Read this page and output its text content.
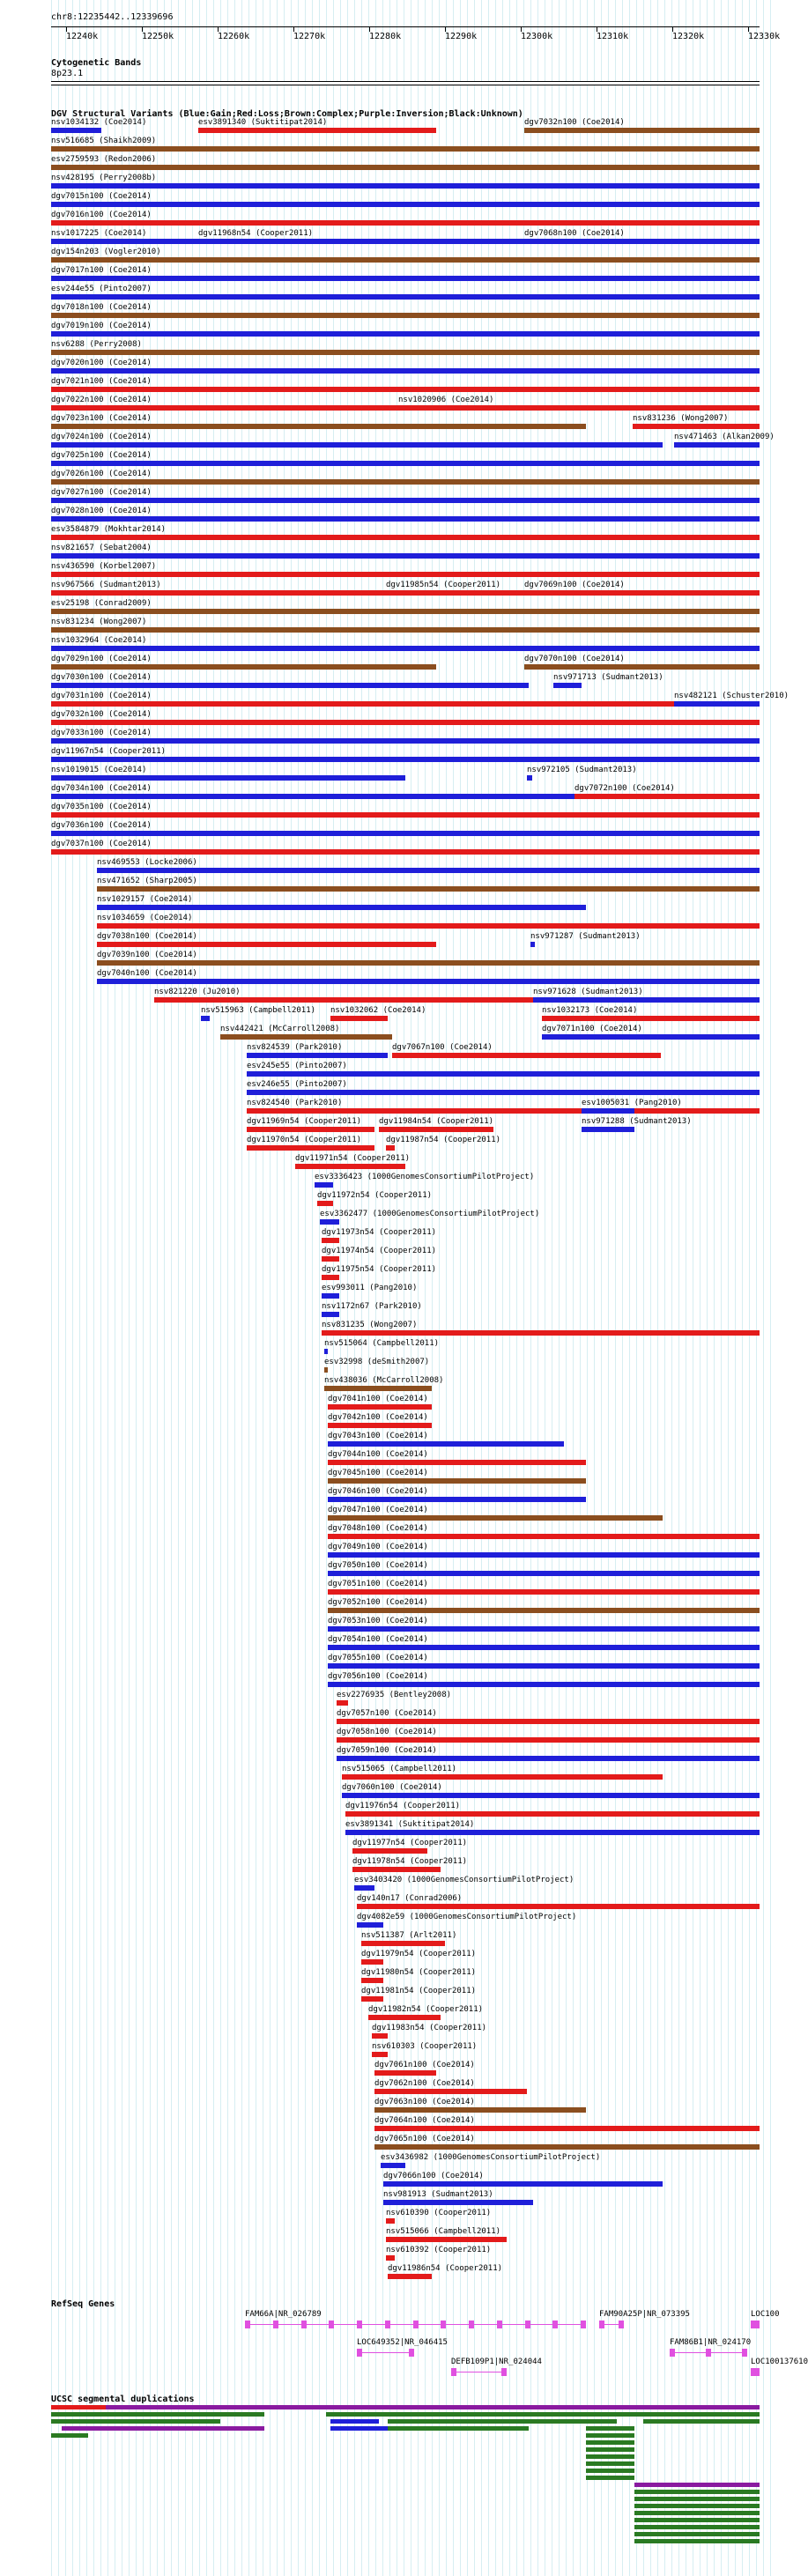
chr8:12235442..12339696
12240k	12250k	12260k	12270k	12280k	12290k	12300k	12310k	12320k	12330k
Cytogenetic Bands
8p23.1
DGV Structural Variants (Blue:Gain;Red:Loss;Brown:Complex;Purple:Inversion;Black:Unknown)
nsv1034132 (Coe2014)	esv3891340 (Suktitipat2014)	dgv7032n100 (Coe2014)
nsv516685 (Shaikh2009)
esv2759593 (Redon2006)
nsv428195 (Perry2008b)
dgv7015n100 (Coe2014)
dgv7016n100 (Coe2014)
nsv1017225 (Coe2014)	dgv11968n54 (Cooper2011)	dgv7068n100 (Coe2014)
dgv154n203 (Vogler2010)
dgv7017n100 (Coe2014)
esv244e55 (Pinto2007)
dgv7018n100 (Coe2014)
dgv7019n100 (Coe2014)
nsv6288 (Perry2008)
dgv7020n100 (Coe2014)
dgv7021n100 (Coe2014)
dgv7022n100 (Coe2014)	nsv1020906 (Coe2014)
dgv7023n100 (Coe2014)	nsv831236 (Wong2007)
dgv7024n100 (Coe2014)	nsv471463 (Alkan2009)
dgv7025n100 (Coe2014)
dgv7026n100 (Coe2014)
dgv7027n100 (Coe2014)
dgv7028n100 (Coe2014)
esv3584879 (Mokhtar2014)
nsv821657 (Sebat2004)
nsv436590 (Korbel2007)
nsv967566 (Sudmant2013)	dgv11985n54 (Cooper2011)	dgv7069n100 (Coe2014)
esv25198 (Conrad2009)
nsv831234 (Wong2007)
nsv1032964 (Coe2014)
dgv7029n100 (Coe2014)	dgv7070n100 (Coe2014)
dgv7030n100 (Coe2014)	nsv971713 (Sudmant2013)
dgv7031n100 (Coe2014)	nsv482121 (Schuster2010)
dgv7032n100 (Coe2014)
dgv7033n100 (Coe2014)
dgv11967n54 (Cooper2011)
nsv1019015 (Coe2014)	nsv972105 (Sudmant2013)
dgv7034n100 (Coe2014)	dgv7072n100 (Coe2014)
dgv7035n100 (Coe2014)
dgv7036n100 (Coe2014)
dgv7037n100 (Coe2014)
nsv469553 (Locke2006)
nsv471652 (Sharp2005)
nsv1029157 (Coe2014)
nsv1034659 (Coe2014)
dgv7038n100 (Coe2014)	nsv971287 (Sudmant2013)
dgv7039n100 (Coe2014)
dgv7040n100 (Coe2014)
nsv821220 (Ju2010)	nsv971628 (Sudmant2013)
nsv515963 (Campbell2011) nsv1032062 (Coe2014)	nsv1032173 (Coe2014)
nsv442421 (McCarroll2008)	dgv7071n100 (Coe2014)
nsv824539 (Park2010)	dgv7067n100 (Coe2014)
esv245e55 (Pinto2007)
esv246e55 (Pinto2007)
nsv824540 (Park2010)	esv1005031 (Pang2010)
dgv11969n54 (Cooper2011) dgv11984n54 (Cooper2011)	nsv971288 (Sudmant2013)
dgv11970n54 (Cooper2011)	dgv11987n54 (Cooper2011)
dgv11971n54 (Cooper2011)
esv3336423 (1000GenomesConsortiumPilotProject)
dgv11972n54 (Cooper2011)
esv3362477 (1000GenomesConsortiumPilotProject)
dgv11973n54 (Cooper2011)
dgv11974n54 (Cooper2011)
dgv11975n54 (Cooper2011)
esv993011 (Pang2010)
nsv1172n67 (Park2010)
nsv831235 (Wong2007)
nsv515064 (Campbell2011)
esv32998 (deSmith2007)
nsv438036 (McCarroll2008)
dgv7041n100 (Coe2014)
dgv7042n100 (Coe2014)
dgv7043n100 (Coe2014)
dgv7044n100 (Coe2014)
dgv7045n100 (Coe2014)
dgv7046n100 (Coe2014)
dgv7047n100 (Coe2014)
dgv7048n100 (Coe2014)
dgv7049n100 (Coe2014)
dgv7050n100 (Coe2014)
dgv7051n100 (Coe2014)
dgv7052n100 (Coe2014)
dgv7053n100 (Coe2014)
dgv7054n100 (Coe2014)
dgv7055n100 (Coe2014)
dgv7056n100 (Coe2014)
esv2276935 (Bentley2008)
dgv7057n100 (Coe2014)
dgv7058n100 (Coe2014)
dgv7059n100 (Coe2014)
nsv515065 (Campbell2011)
dgv7060n100 (Coe2014)
dgv11976n54 (Cooper2011)
esv3891341 (Suktitipat2014)
dgv11977n54 (Cooper2011)
dgv11978n54 (Cooper2011)
esv3403420 (1000GenomesConsortiumPilotProject)
dgv140n17 (Conrad2006)
dgv4082e59 (1000GenomesConsortiumPilotProject)
nsv511387 (Arlt2011)
dgv11979n54 (Cooper2011)
dgv11980n54 (Cooper2011)
dgv11981n54 (Cooper2011)
dgv11982n54 (Cooper2011)
dgv11983n54 (Cooper2011)
nsv610303 (Cooper2011)
dgv7061n100 (Coe2014)
dgv7062n100 (Coe2014)
dgv7063n100 (Coe2014)
dgv7064n100 (Coe2014)
dgv7065n100 (Coe2014)
esv3436982 (1000GenomesConsortiumPilotProject)
dgv7066n100 (Coe2014)
nsv981913 (Sudmant2013)
nsv610390 (Cooper2011)
nsv515066 (Campbell2011)
nsv610392 (Cooper2011)
dgv11986n54 (Cooper2011)
RefSeq Genes
FAM66A|NR_026789
LOC649352|NR_046415
DEFB109P1|NR_024044
FAM90A25P|NR_073395
FAM86B1|NR_024170
LOC100
LOC100137610
UCSC segmental duplications
